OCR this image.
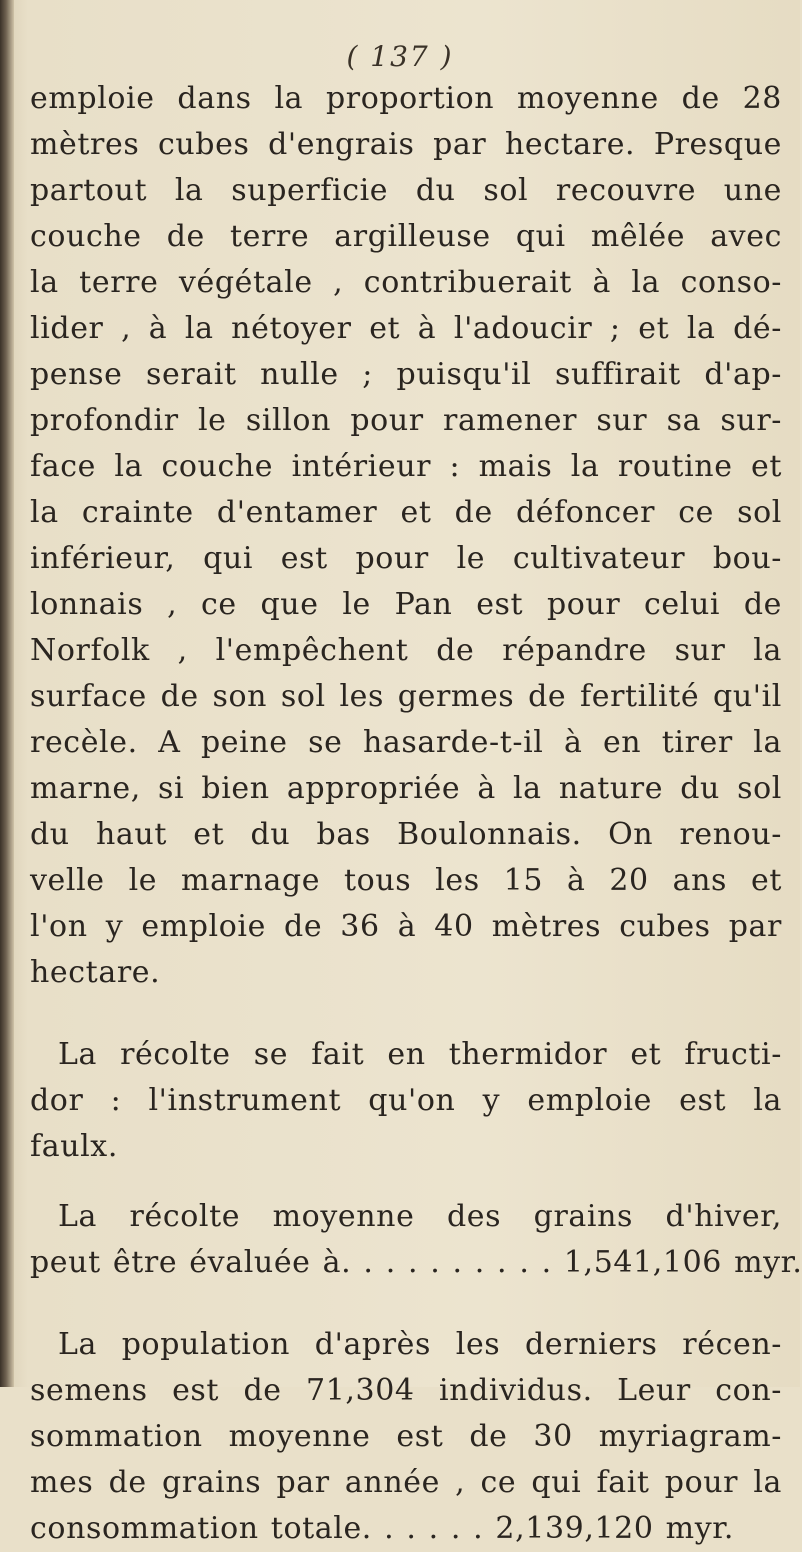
( 137 )
emploie dans la proportion moyenne de 28
mètres cubes d'engrais par hectare. Presque
partout la superficie du sol recouvre une
couche de terre argilleuse qui mêlée avec
la terre végétale , contribuerait à la conso-
lider , à la nétoyer et à l'adoucir ; et la dé-
pense serait nulle ; puisqu'il suffirait d'ap-
profondir le sillon pour ramener sur sa sur-
face la couche intérieur : mais la routine et
la crainte d'entamer et de défoncer ce sol
inférieur, qui est pour le cultivateur bou-
lonnais , ce que le Pan est pour celui de
Norfolk , l'empêchent de répandre sur la
surface de son sol les germes de fertilité qu'il
recèle. A peine se hasarde-t-il à en tirer la
marne, si bien appropriée à la nature du sol
du haut et du bas Boulonnais. On renou-
velle le marnage tous les 15 à 20 ans et
l'on y emploie de 36 à 40 mètres cubes par
hectare.
La récolte se fait en thermidor et fructi-
dor : l'instrument qu'on y emploie est la
faulx.
La récolte moyenne des grains d'hiver,
peut être évaluée à. . . . . . . . . . 1,541,106 myr.
La population d'après les derniers récen-
semens est de 71,304 individus. Leur con-
sommation moyenne est de 30 myriagram-
mes de grains par année , ce qui fait pour la
consommation totale. . . . . . 2,139,120 myr.
